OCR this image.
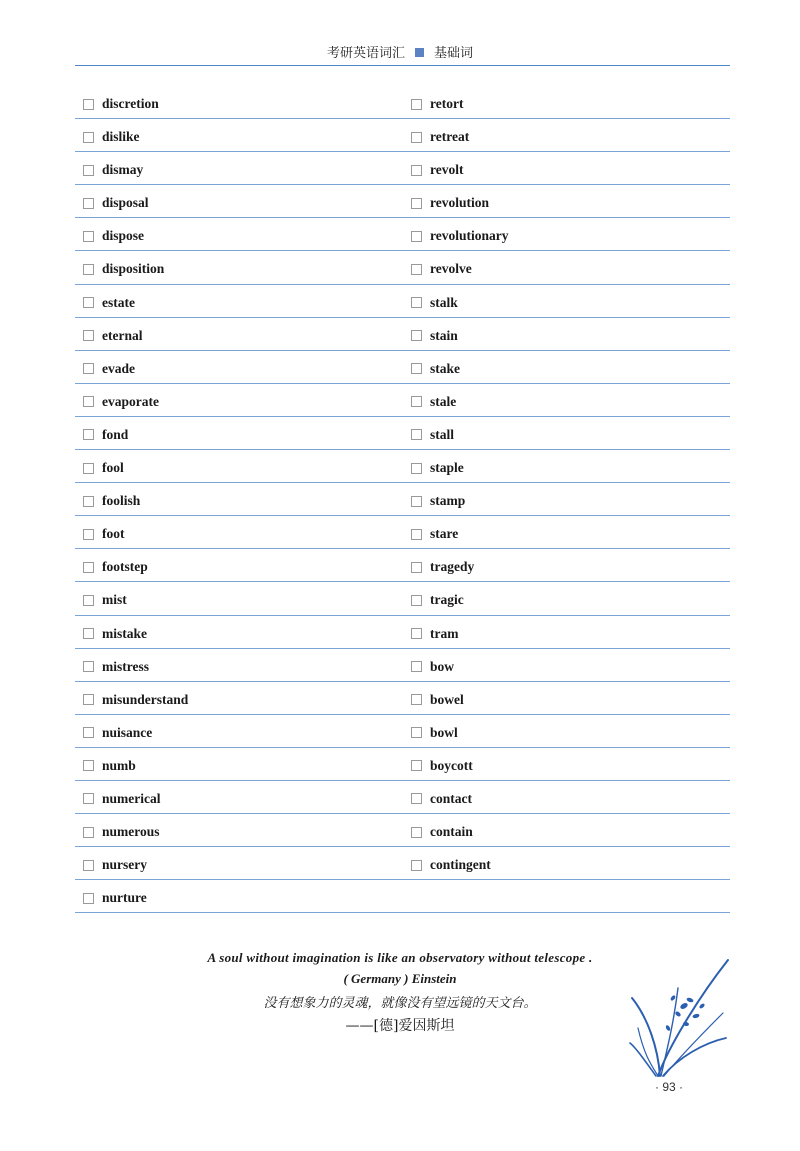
考研英语词汇 基础词
discretion	retort
dislike	retreat
dismay	revolt
disposal	revolution
dispose	revolutionary
disposition	revolve
estate	stalk
eternal	stain
evade	stake
evaporate	stale
fond	stall
fool	staple
foolish	stamp
foot	stare
footstep	tragedy
mist	tragic
mistake	tram
mistress	bow
misunderstand	bowel
nuisance	bowl
numb	boycott
numerical	contact
numerous	contain
nursery	contingent
nurture
A soul without imagination is like an observatory without telescope .
( Germany ) Einstein
没有想象力的灵魂，就像没有望远镜的天文台。
——[德]爱因斯坦
· 93 ·
